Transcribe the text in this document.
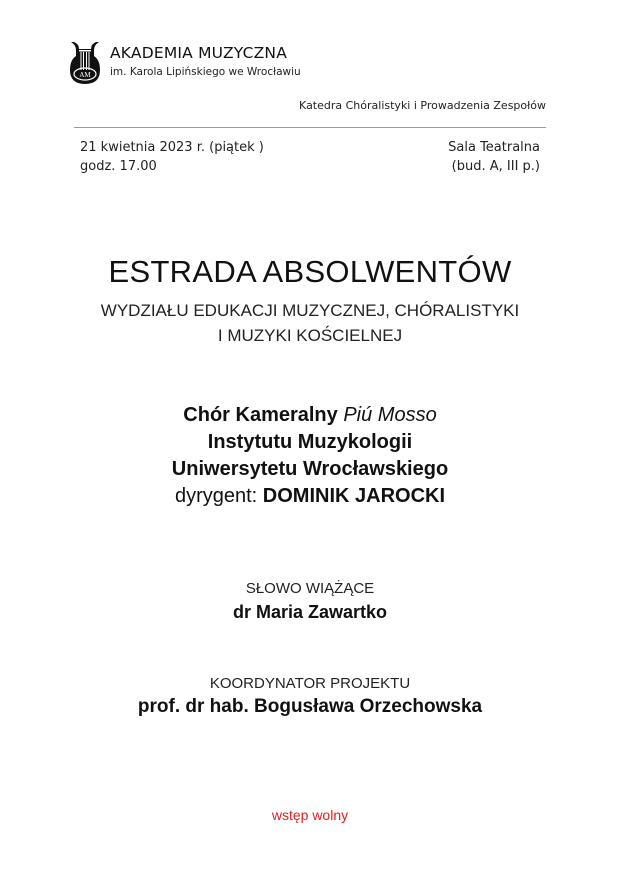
AM
AKADEMIA MUZYCZNA
im. Karola Lipińskiego we Wrocławiu
Katedra Chóralistyki i Prowadzenia Zespołów
21 kwietnia 2023 r. (piątek )
godz. 17.00
Sala Teatralna
(bud. A, III p.)
ESTRADA ABSOLWENTÓW
WYDZIAŁU EDUKACJI MUZYCZNEJ, CHÓRALISTYKI
I MUZYKI KOŚCIELNEJ
Chór Kameralny Piú Mosso
Instytutu Muzykologii
Uniwersytetu Wrocławskiego
dyrygent: DOMINIK JAROCKI
SŁOWO WIĄŻĄCE
dr Maria Zawartko
KOORDYNATOR PROJEKTU
prof. dr hab. Bogusława Orzechowska
wstęp wolny
